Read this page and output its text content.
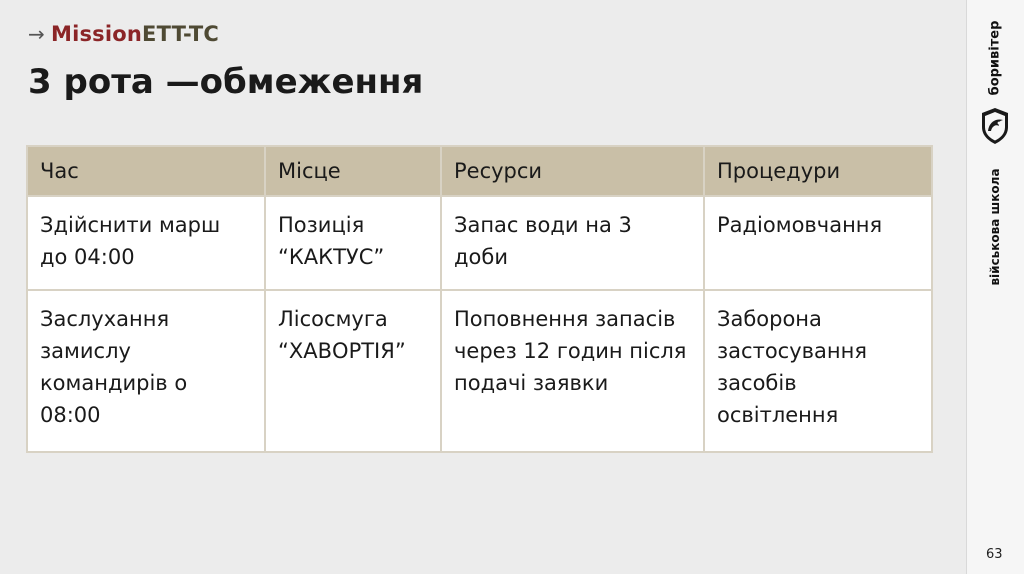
→ Mission ETT-TC
3 рота —обмеження
Час	Місце	Ресурси	Процедури
Здійснити марш до 04:00	Позиція “КАКТУС”	Запас води на 3 доби	Радіомовчання
Заслухання замислу командирів о 08:00	Лісосмуга “ХАВОРТІЯ”	Поповнення запасів через 12 годин після подачі заявки	Заборона застосування засобів освітлення
боривітер
військова школа
63
